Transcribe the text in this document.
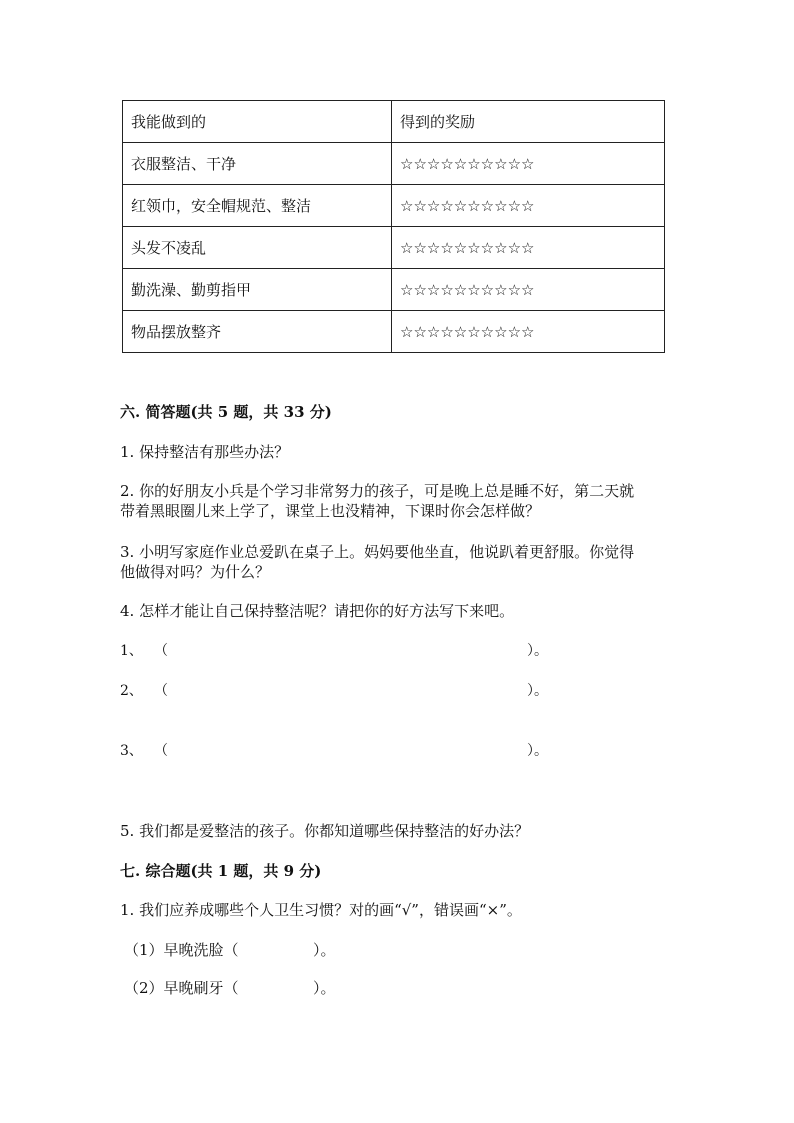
我能做到的	得到的奖励
衣服整洁、干净	☆☆☆☆☆☆☆☆☆☆
红领巾，安全帽规范、整洁	☆☆☆☆☆☆☆☆☆☆
头发不凌乱	☆☆☆☆☆☆☆☆☆☆
勤洗澡、勤剪指甲	☆☆☆☆☆☆☆☆☆☆
物品摆放整齐	☆☆☆☆☆☆☆☆☆☆
六. 简答题(共 5 题，共 33 分)
1. 保持整洁有那些办法？
2. 你的好朋友小兵是个学习非常努力的孩子，可是晚上总是睡不好，第二天就
带着黑眼圈儿来上学了，课堂上也没精神，下课时你会怎样做？
3. 小明写家庭作业总爱趴在桌子上。妈妈要他坐直，他说趴着更舒服。你觉得
他做得对吗？为什么？
4. 怎样才能让自己保持整洁呢？请把你的好方法写下来吧。
1、 （	）。
2、 （	）。
3、 （	）。
5. 我们都是爱整洁的孩子。你都知道哪些保持整洁的好办法？
七. 综合题(共 1 题，共 9 分)
1. 我们应养成哪些个人卫生习惯？对的画“√”，错误画“×”。
（1）早晚洗脸（	）。
（2）早晚刷牙（	）。
